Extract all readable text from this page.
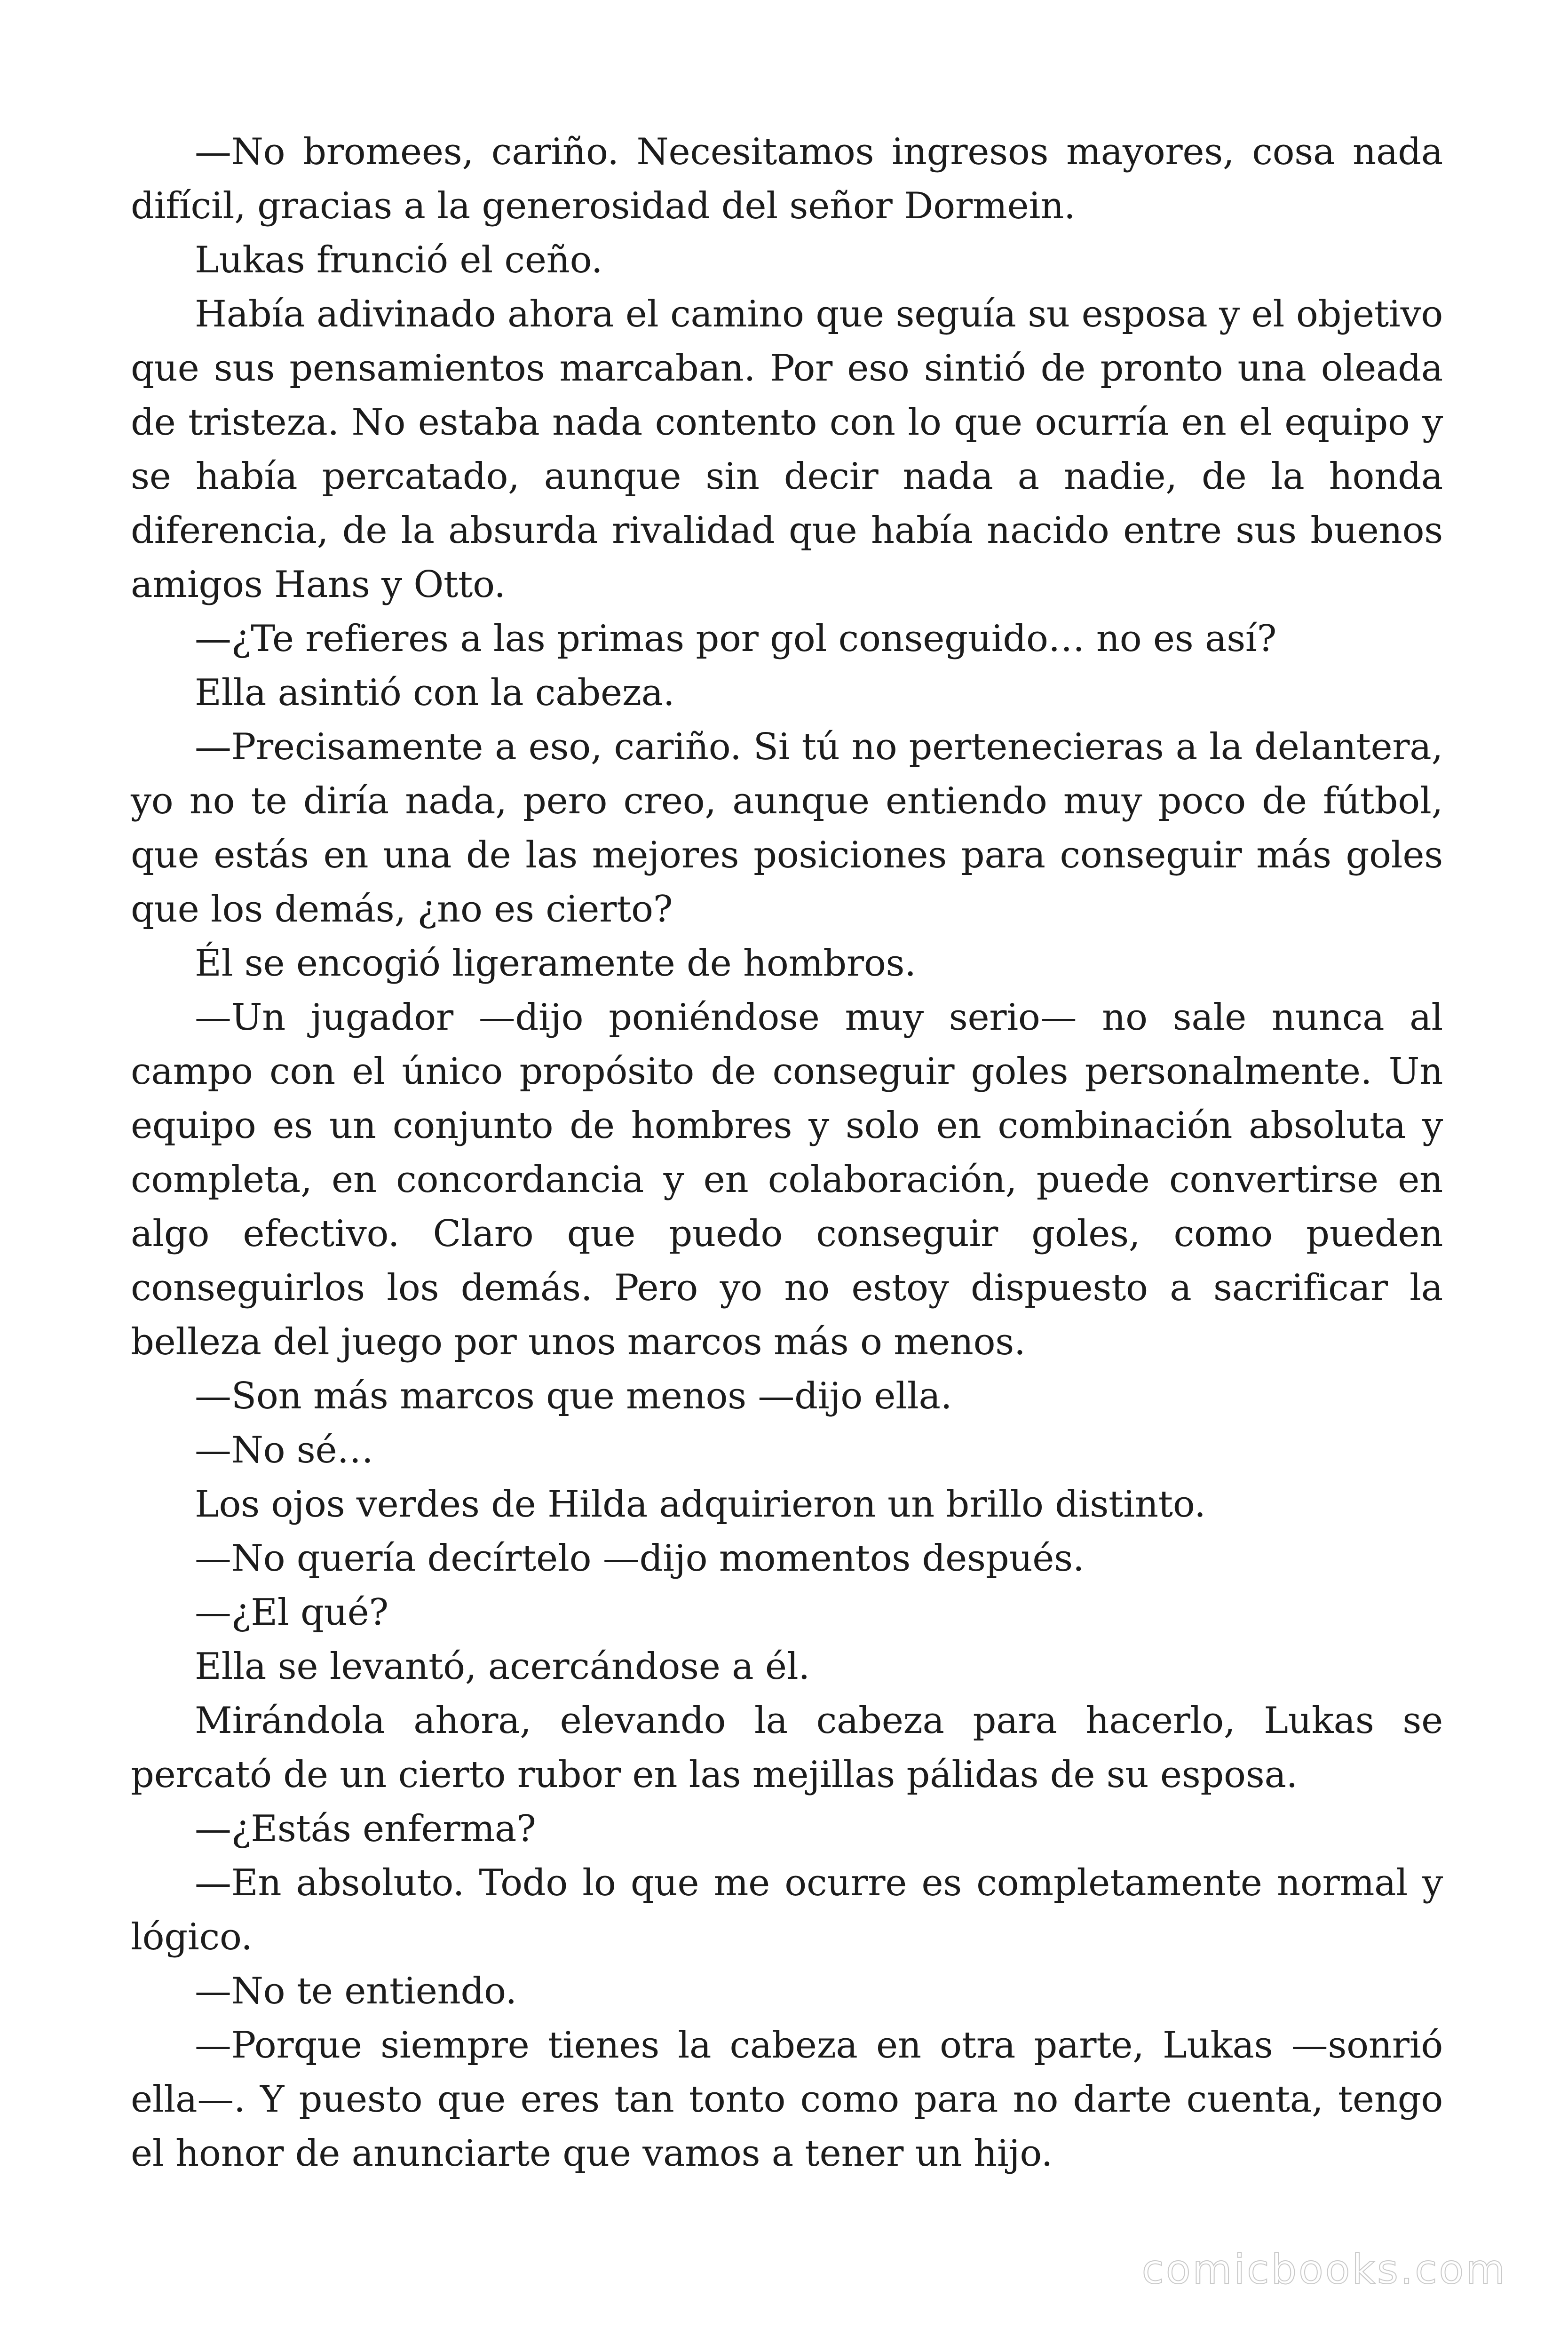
—No bromees, cariño. Necesitamos ingresos mayores, cosa nada difícil, gracias a la generosidad del señor Dormein.

Lukas frunció el ceño.

Había adivinado ahora el camino que seguía su esposa y el objetivo que sus pensamientos marcaban. Por eso sintió de pronto una oleada de tristeza. No estaba nada contento con lo que ocurría en el equipo y se había percatado, aunque sin decir nada a nadie, de la honda diferencia, de la absurda rivalidad que había nacido entre sus buenos amigos Hans y Otto.

—¿Te refieres a las primas por gol conseguido… no es así?

Ella asintió con la cabeza.

—Precisamente a eso, cariño. Si tú no pertenecieras a la delantera, yo no te diría nada, pero creo, aunque entiendo muy poco de fútbol, que estás en una de las mejores posiciones para conseguir más goles que los demás, ¿no es cierto?

Él se encogió ligeramente de hombros.

—Un jugador —dijo poniéndose muy serio— no sale nunca al campo con el único propósito de conseguir goles personalmente. Un equipo es un conjunto de hombres y solo en combinación absoluta y completa, en concordancia y en colaboración, puede convertirse en algo efectivo. Claro que puedo conseguir goles, como pueden conseguirlos los demás. Pero yo no estoy dispuesto a sacrificar la belleza del juego por unos marcos más o menos.

—Son más marcos que menos —dijo ella.

—No sé…

Los ojos verdes de Hilda adquirieron un brillo distinto.

—No quería decírtelo —dijo momentos después.

—¿El qué?

Ella se levantó, acercándose a él.

Mirándola ahora, elevando la cabeza para hacerlo, Lukas se percató de un cierto rubor en las mejillas pálidas de su esposa.

—¿Estás enferma?

—En absoluto. Todo lo que me ocurre es completamente normal y lógico.

—No te entiendo.

—Porque siempre tienes la cabeza en otra parte, Lukas —sonrió ella—. Y puesto que eres tan tonto como para no darte cuenta, tengo el honor de anunciarte que vamos a tener un hijo.

comicbooks.com
